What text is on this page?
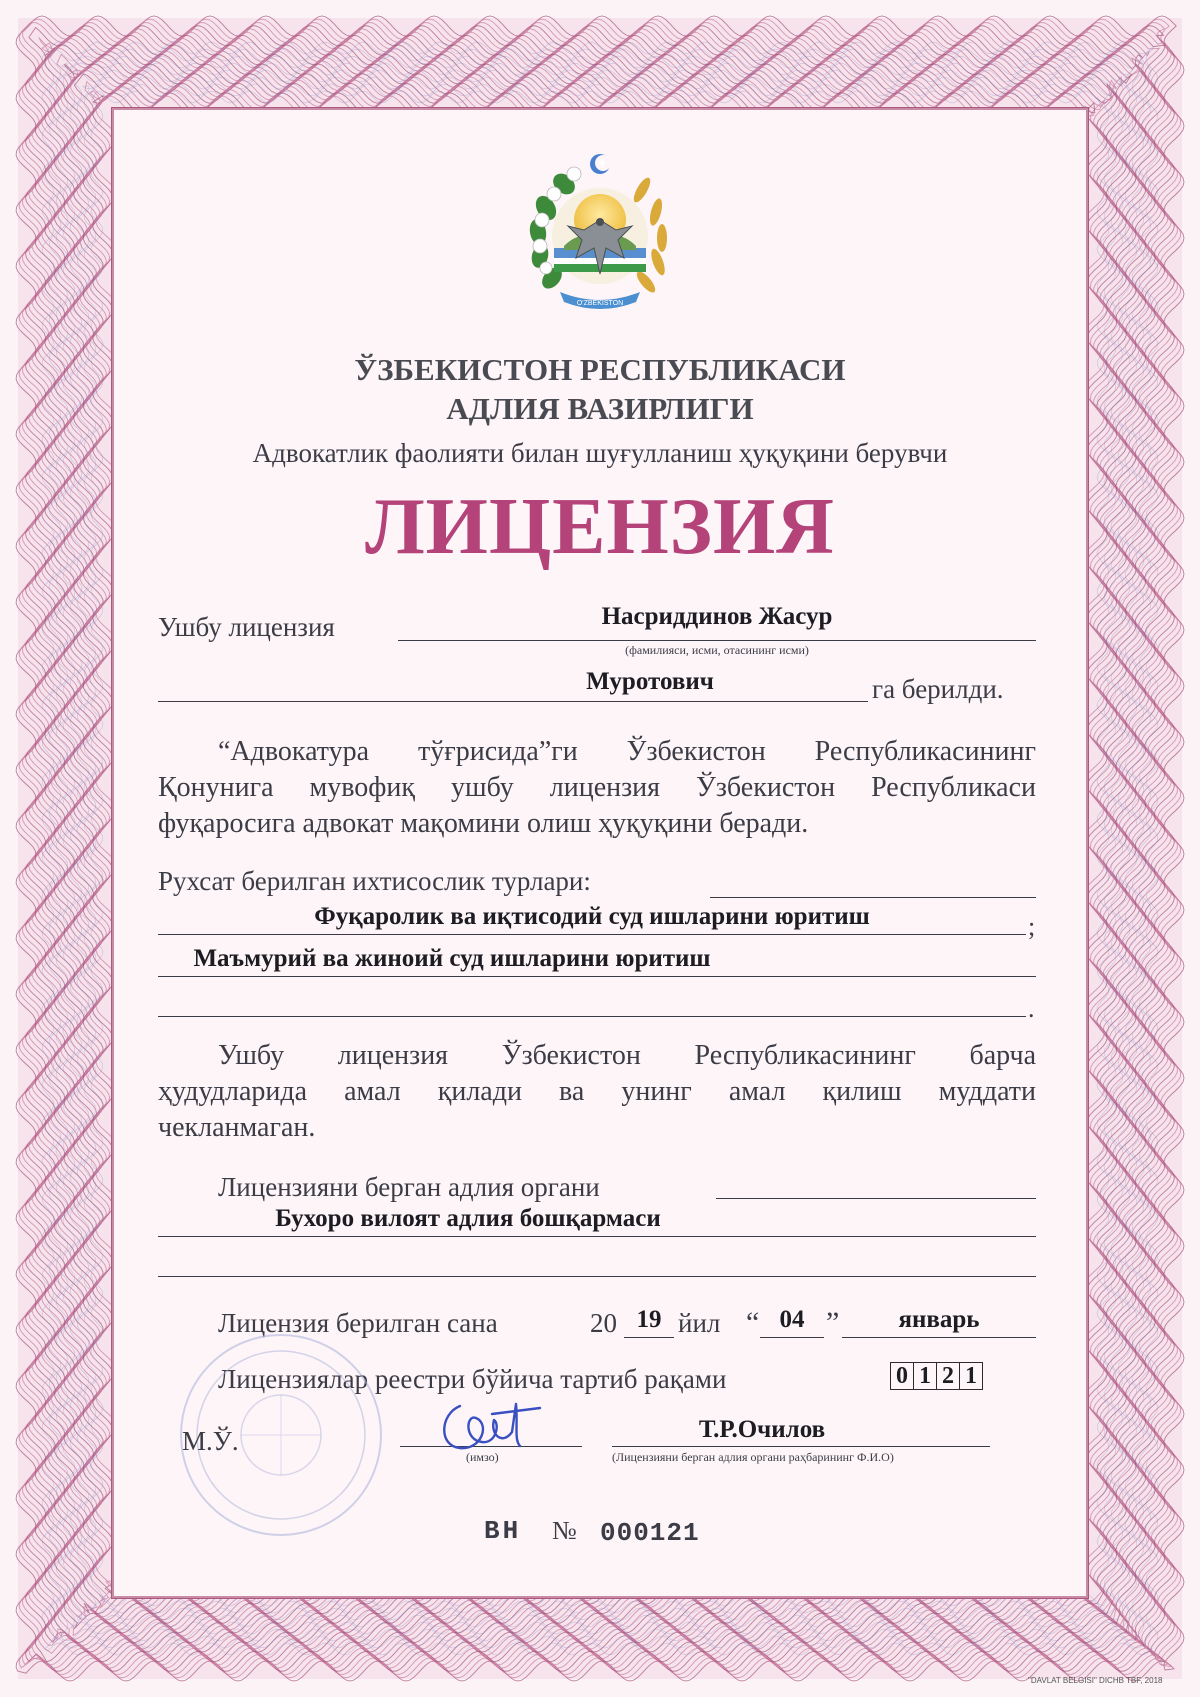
O'ZBEKISTON
ЎЗБЕКИСТОН РЕСПУБЛИКАСИ
АДЛИЯ ВАЗИРЛИГИ
Адвокатлик фаолияти билан шуғулланиш ҳуқуқини берувчи
ЛИЦЕНЗИЯ
Ушбу лицензия	Насриддинов Жасур
(фамилияси, исми, отасининг исми)
Муротович	га берилди.
“Адвокатура тўғрисида”ги Ўзбекистон Республикасининг
Қонунига мувофиқ ушбу лицензия Ўзбекистон Республикаси
фуқаросига адвокат мақомини олиш ҳуқуқини беради.
Рухсат берилган ихтисослик турлари:
Фуқаролик ва иқтисодий суд ишларини юритиш	;
Маъмурий ва жиноий суд ишларини юритиш
.
Ушбу лицензия Ўзбекистон Республикасининг барча
ҳудудларида амал қилади ва унинг амал қилиш муддати
чекланмаган.
Лицензияни берган адлия органи
Бухоро вилоят адлия бошқармаси
Лицензия берилган сана	20 19 йил “ 04 ”	январь
Лицензиялар реестри бўйича тартиб рақами	0 1 2 1
М.Ў.
(имзо)
Т.Р.Очилов
(Лицензияни берган адлия органи раҳбарининг Ф.И.О)
ВН № 000121
"DAVLAT BELGISI" DICHB TBF, 2018
